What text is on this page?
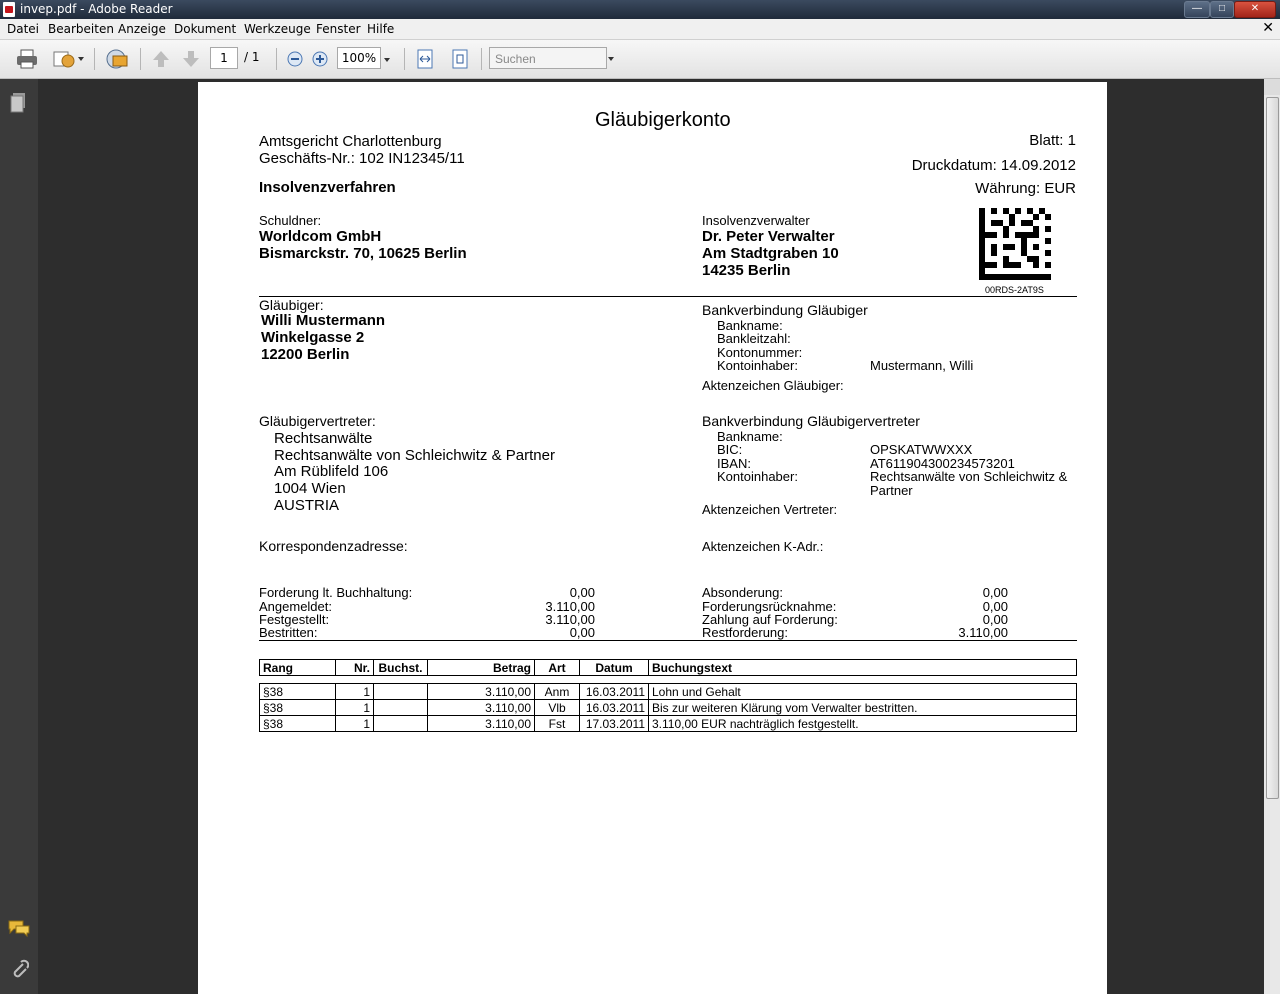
invep.pdf - Adobe Reader	—	□	✕
Datei Bearbeiten Anzeige Dokument Werkzeuge Fenster Hilfe	✕
1	/ 1	100%	Suchen
Gläubigerkonto
Amtsgericht Charlottenburg
Geschäfts-Nr.: 102 IN12345/11
Blatt: 1
Druckdatum: 14.09.2012
Währung: EUR
Insolvenzverfahren
Schuldner:
Worldcom GmbH
Bismarckstr. 70, 10625 Berlin
Insolvenzverwalter
Dr. Peter Verwalter
Am Stadtgraben 10
14235 Berlin
00RDS-2AT9S
Gläubiger:
Willi Mustermann
Winkelgasse 2
12200 Berlin
Bankverbindung Gläubiger
Bankname:
Bankleitzahl:
Kontonummer:
Kontoinhaber:	Mustermann, Willi
Aktenzeichen Gläubiger:
Gläubigervertreter:
Rechtsanwälte
Rechtsanwälte von Schleichwitz & Partner
Am Rüblifeld 106
1004 Wien
AUSTRIA
Bankverbindung Gläubigervertreter
Bankname:
BIC:	OPSKATWWXXX
IBAN:	AT611904300234573201
Kontoinhaber:	Rechtsanwälte von Schleichwitz &
Partner
Aktenzeichen Vertreter:
Korrespondenzadresse:	Aktenzeichen K-Adr.:
Forderung lt. Buchhaltung:	0,00
Angemeldet:	3.110,00
Festgestellt:	3.110,00
Bestritten:	0,00
Absonderung:	0,00
Forderungsrücknahme:	0,00
Zahlung auf Forderung:	0,00
Restforderung:	3.110,00
Rang	Nr.	Buchst.	Betrag	Art	Datum	Buchungstext
§38	1		3.110,00	Anm	16.03.2011	Lohn und Gehalt
§38	1		3.110,00	Vlb	16.03.2011	Bis zur weiteren Klärung vom Verwalter bestritten.
§38	1		3.110,00	Fst	17.03.2011	3.110,00 EUR nachträglich festgestellt.
